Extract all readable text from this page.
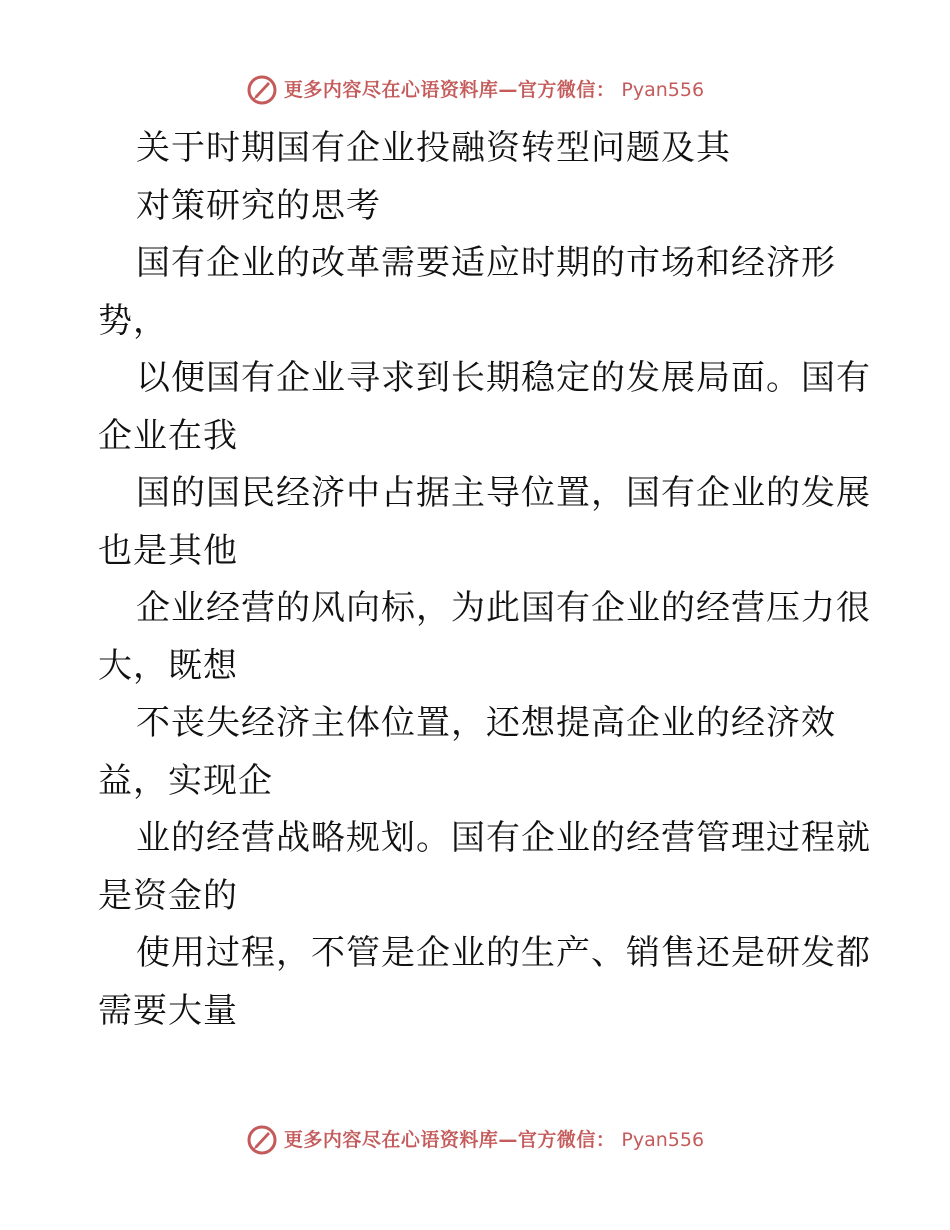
更多内容尽在心语资料库—官方微信： Pyan556
关于时期国有企业投融资转型问题及其
对策研究的思考
国有企业的改革需要适应时期的市场和经济形
势，
以便国有企业寻求到长期稳定的发展局面。国有
企业在我
国的国民经济中占据主导位置，国有企业的发展
也是其他
企业经营的风向标，为此国有企业的经营压力很
大，既想
不丧失经济主体位置，还想提高企业的经济效
益，实现企
业的经营战略规划。国有企业的经营管理过程就
是资金的
使用过程，不管是企业的生产、销售还是研发都
需要大量
更多内容尽在心语资料库—官方微信： Pyan556
